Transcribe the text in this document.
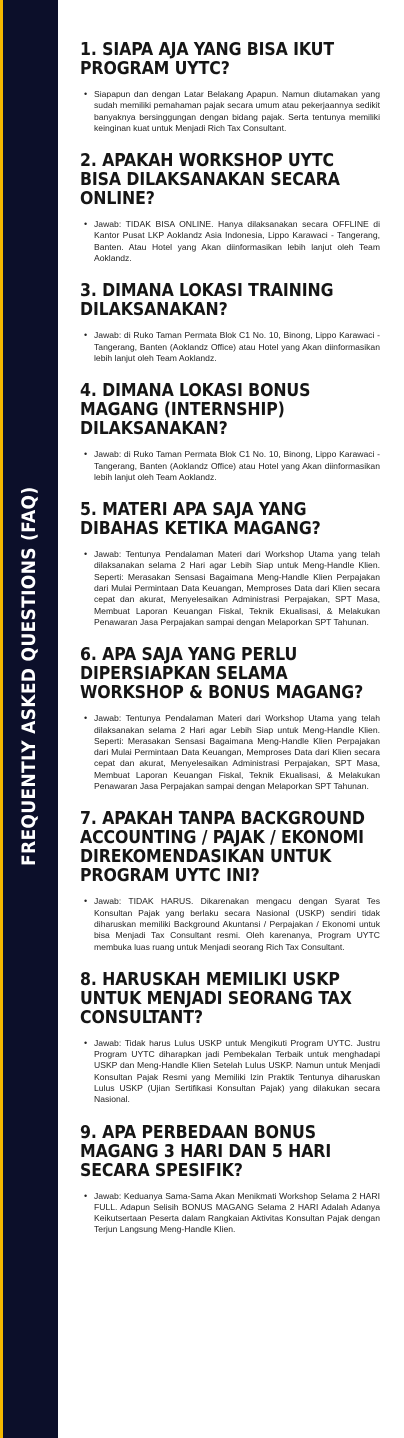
FREQUENTLY ASKED QUESTIONS (FAQ)
1. SIAPA AJA YANG BISA IKUT PROGRAM UYTC?
• Siapapun dan dengan Latar Belakang Apapun. Namun diutamakan yang sudah memiliki pemahaman pajak secara umum atau pekerjaannya sedikit banyaknya bersinggungan dengan bidang pajak. Serta tentunya memiliki keinginan kuat untuk Menjadi Rich Tax Consultant.
2. APAKAH WORKSHOP UYTC BISA DILAKSANAKAN SECARA ONLINE?
• Jawab: TIDAK BISA ONLINE. Hanya dilaksanakan secara OFFLINE di Kantor Pusat LKP Aoklandz Asia Indonesia, Lippo Karawaci - Tangerang, Banten. Atau Hotel yang Akan diinformasikan lebih lanjut oleh Team Aoklandz.
3. DIMANA LOKASI TRAINING DILAKSANAKAN?
• Jawab: di Ruko Taman Permata Blok C1 No. 10, Binong, Lippo Karawaci - Tangerang, Banten (Aoklandz Office) atau Hotel yang Akan diinformasikan lebih lanjut oleh Team Aoklandz.
4. DIMANA LOKASI BONUS MAGANG (INTERNSHIP) DILAKSANAKAN?
• Jawab: di Ruko Taman Permata Blok C1 No. 10, Binong, Lippo Karawaci - Tangerang, Banten (Aoklandz Office) atau Hotel yang Akan diinformasikan lebih lanjut oleh Team Aoklandz.
5. MATERI APA SAJA YANG DIBAHAS KETIKA MAGANG?
• Jawab: Tentunya Pendalaman Materi dari Workshop Utama yang telah dilaksanakan selama 2 Hari agar Lebih Siap untuk Meng-Handle Klien. Seperti: Merasakan Sensasi Bagaimana Meng-Handle Klien Perpajakan dari Mulai Permintaan Data Keuangan, Memproses Data dari Klien secara cepat dan akurat, Menyelesaikan Administrasi Perpajakan, SPT Masa, Membuat Laporan Keuangan Fiskal, Teknik Ekualisasi, & Melakukan Penawaran Jasa Perpajakan sampai dengan Melaporkan SPT Tahunan.
6. APA SAJA YANG PERLU DIPERSIAPKAN SELAMA WORKSHOP & BONUS MAGANG?
• Jawab: Tentunya Pendalaman Materi dari Workshop Utama yang telah dilaksanakan selama 2 Hari agar Lebih Siap untuk Meng-Handle Klien. Seperti: Merasakan Sensasi Bagaimana Meng-Handle Klien Perpajakan dari Mulai Permintaan Data Keuangan, Memproses Data dari Klien secara cepat dan akurat, Menyelesaikan Administrasi Perpajakan, SPT Masa, Membuat Laporan Keuangan Fiskal, Teknik Ekualisasi, & Melakukan Penawaran Jasa Perpajakan sampai dengan Melaporkan SPT Tahunan.
7. APAKAH TANPA BACKGROUND ACCOUNTING / PAJAK / EKONOMI DIREKOMENDASIKAN UNTUK PROGRAM UYTC INI?
• Jawab: TIDAK HARUS. Dikarenakan mengacu dengan Syarat Tes Konsultan Pajak yang berlaku secara Nasional (USKP) sendiri tidak diharuskan memiliki Background Akuntansi / Perpajakan / Ekonomi untuk bisa Menjadi Tax Consultant resmi. Oleh karenanya, Program UYTC membuka luas ruang untuk Menjadi seorang Rich Tax Consultant.
8. HARUSKAH MEMILIKI USKP UNTUK MENJADI SEORANG TAX CONSULTANT?
• Jawab: Tidak harus Lulus USKP untuk Mengikuti Program UYTC. Justru Program UYTC diharapkan jadi Pembekalan Terbaik untuk menghadapi USKP dan Meng-Handle Klien Setelah Lulus USKP. Namun untuk Menjadi Konsultan Pajak Resmi yang Memiliki Izin Praktik Tentunya diharuskan Lulus USKP (Ujian Sertifikasi Konsultan Pajak) yang dilakukan secara Nasional.
9. APA PERBEDAAN BONUS MAGANG 3 HARI DAN 5 HARI SECARA SPESIFIK?
• Jawab: Keduanya Sama-Sama Akan Menikmati Workshop Selama 2 HARI FULL. Adapun Selisih BONUS MAGANG Selama 2 HARI Adalah Adanya Keikutsertaan Peserta dalam Rangkaian Aktivitas Konsultan Pajak dengan Terjun Langsung Meng-Handle Klien.
